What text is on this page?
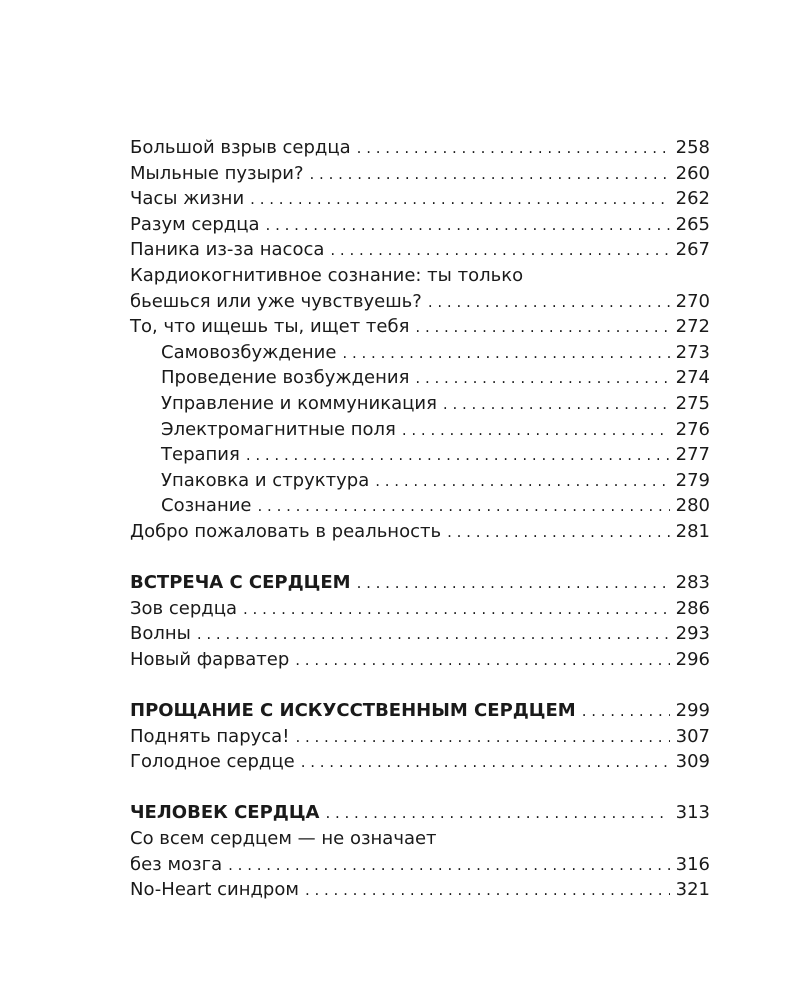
Большой взрыв сердца . . .	258
Мыльные пузыри? . . .	260
Часы жизни . . .	262
Разум сердца . . .	265
Паника из-за насоса . . .	267
Кардиокогнитивное сознание: ты только
бьешься или уже чувствуешь? . . .	270
То, что ищешь ты, ищет тебя . . .	272
Самовозбуждение . . .	273
Проведение возбуждения . . .	274
Управление и коммуникация . . .	275
Электромагнитные поля . . .	276
Терапия . . .	277
Упаковка и структура . . .	279
Сознание . . .	280
Добро пожаловать в реальность . . .	281
ВСТРЕЧА С СЕРДЦЕМ . . .	283
Зов сердца . . .	286
Волны . . .	293
Новый фарватер . . .	296
ПРОЩАНИЕ С ИСКУССТВЕННЫМ СЕРДЦЕМ . . .	299
Поднять паруса! . . .	307
Голодное сердце . . .	309
ЧЕЛОВЕК СЕРДЦА . . .	313
Со всем сердцем — не означает
без мозга . . .	316
No-Heart синдром . . .	321
